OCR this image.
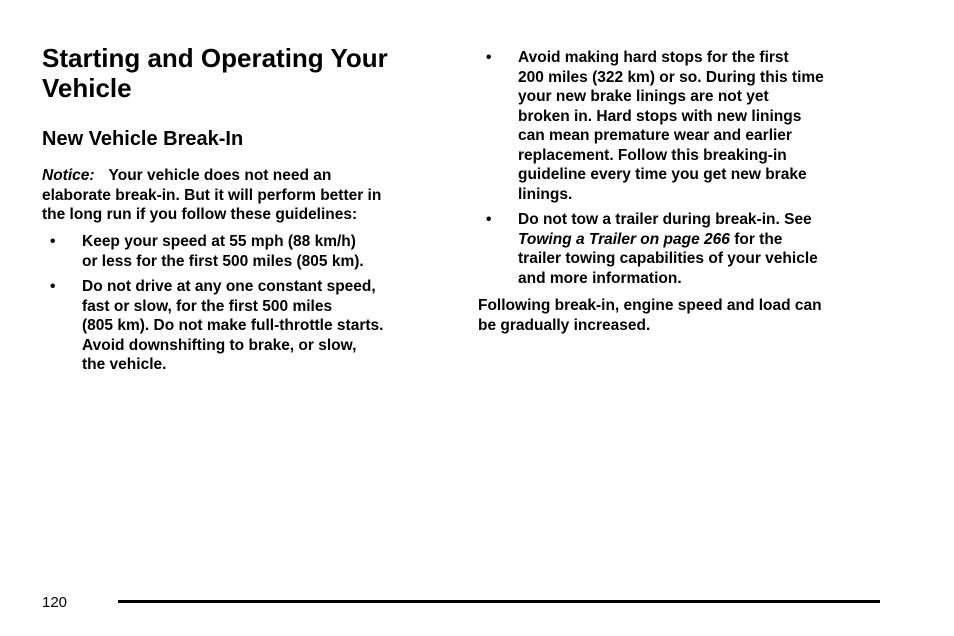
Starting and Operating Your Vehicle
New Vehicle Break-In
Notice: Your vehicle does not need an
elaborate break-in. But it will perform better in
the long run if you follow these guidelines:
• Keep your speed at 55 mph (88 km/h)
or less for the first 500 miles (805 km).
• Do not drive at any one constant speed,
fast or slow, for the first 500 miles
(805 km). Do not make full-throttle starts.
Avoid downshifting to brake, or slow,
the vehicle.
• Avoid making hard stops for the first
200 miles (322 km) or so. During this time
your new brake linings are not yet
broken in. Hard stops with new linings
can mean premature wear and earlier
replacement. Follow this breaking-in
guideline every time you get new brake
linings.
• Do not tow a trailer during break-in. See
Towing a Trailer on page 266 for the
trailer towing capabilities of your vehicle
and more information.
Following break-in, engine speed and load can
be gradually increased.
120
